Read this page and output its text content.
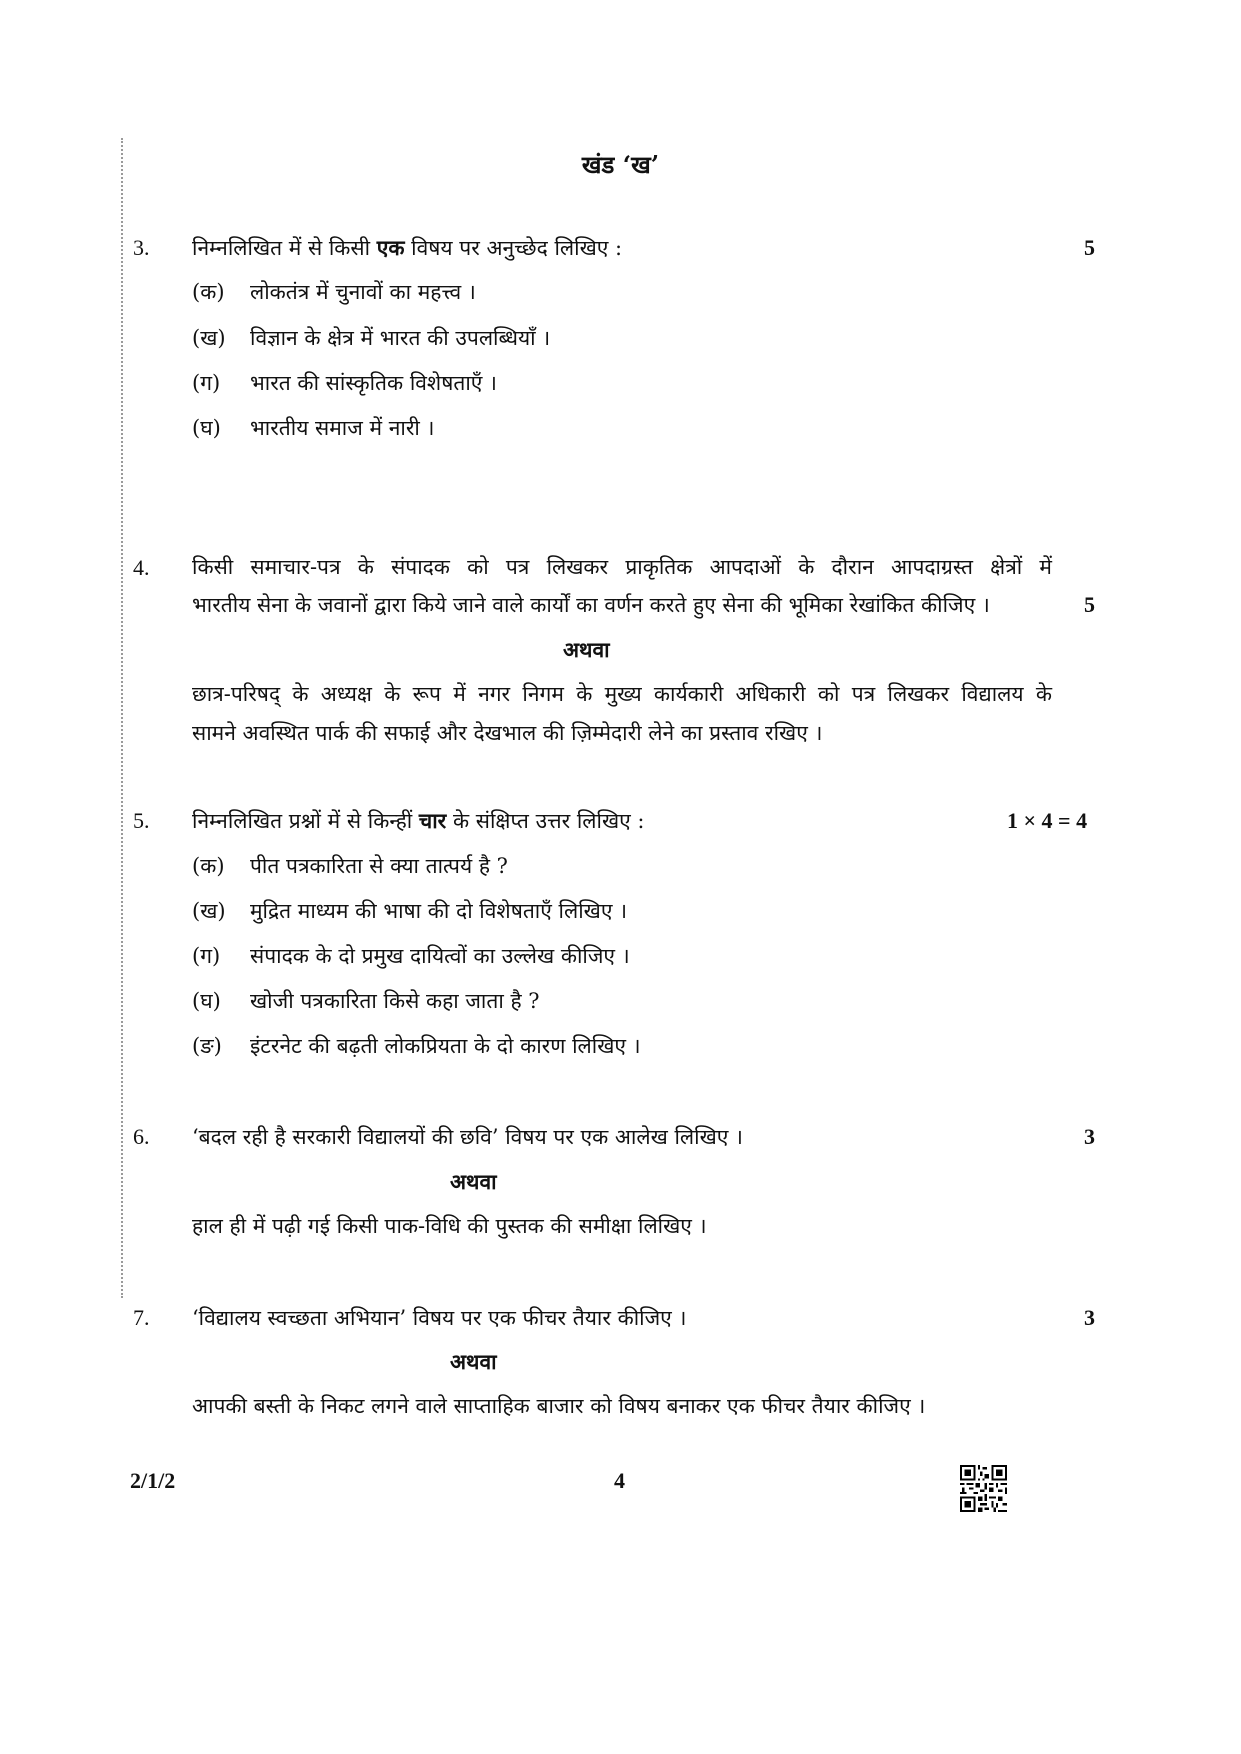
खंड ‘ख’
3. निम्नलिखित में से किसी एक विषय पर अनुच्छेद लिखिए :	5
(क) लोकतंत्र में चुनावों का महत्त्व ।
(ख) विज्ञान के क्षेत्र में भारत की उपलब्धियाँ ।
(ग) भारत की सांस्कृतिक विशेषताएँ ।
(घ) भारतीय समाज में नारी ।
4. किसी समाचार-पत्र के संपादक को पत्र लिखकर प्राकृतिक आपदाओं के दौरान आपदाग्रस्त क्षेत्रों में
भारतीय सेना के जवानों द्वारा किये जाने वाले कार्यों का वर्णन करते हुए सेना की भूमिका रेखांकित कीजिए ।	5
अथवा
छात्र-परिषद् के अध्यक्ष के रूप में नगर निगम के मुख्य कार्यकारी अधिकारी को पत्र लिखकर विद्यालय के
सामने अवस्थित पार्क की सफाई और देखभाल की ज़िम्मेदारी लेने का प्रस्ताव रखिए ।
5. निम्नलिखित प्रश्नों में से किन्हीं चार के संक्षिप्त उत्तर लिखिए :	1 × 4 = 4
(क) पीत पत्रकारिता से क्या तात्पर्य है ?
(ख) मुद्रित माध्यम की भाषा की दो विशेषताएँ लिखिए ।
(ग) संपादक के दो प्रमुख दायित्वों का उल्लेख कीजिए ।
(घ) खोजी पत्रकारिता किसे कहा जाता है ?
(ङ) इंटरनेट की बढ़ती लोकप्रियता के दो कारण लिखिए ।
6. ‘बदल रही है सरकारी विद्यालयों की छवि’ विषय पर एक आलेख लिखिए ।	3
अथवा
हाल ही में पढ़ी गई किसी पाक-विधि की पुस्तक की समीक्षा लिखिए ।
7. ‘विद्यालय स्वच्छता अभियान’ विषय पर एक फीचर तैयार कीजिए ।	3
अथवा
आपकी बस्ती के निकट लगने वाले साप्ताहिक बाजार को विषय बनाकर एक फीचर तैयार कीजिए ।
2/1/2	4
